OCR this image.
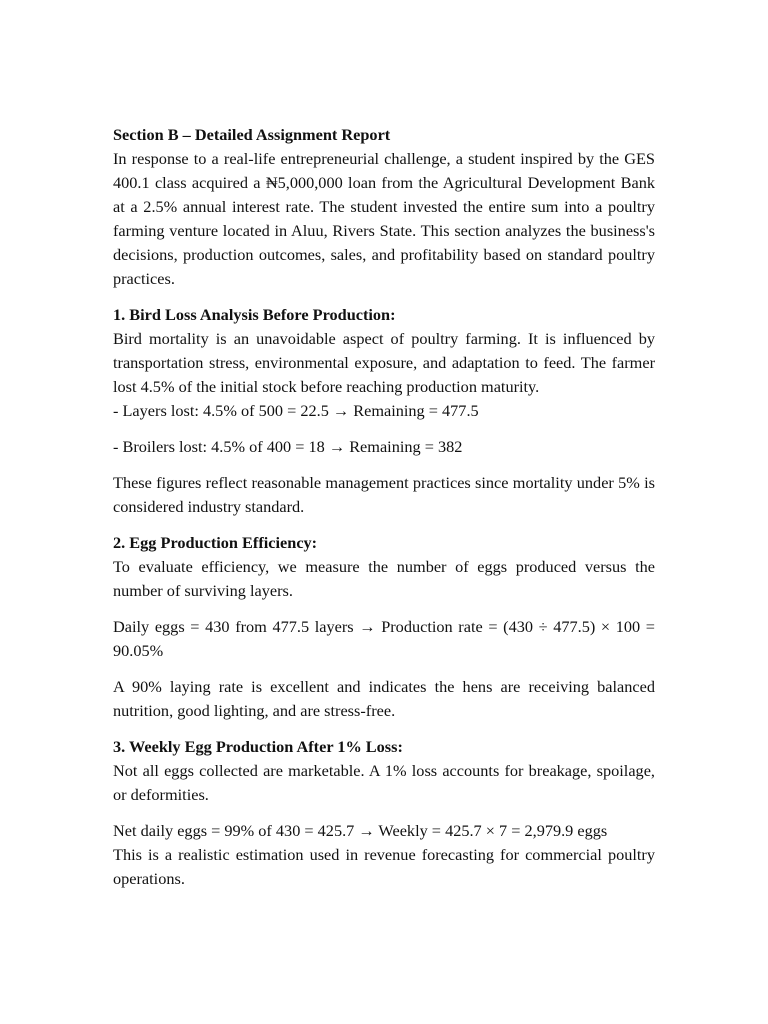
Section B – Detailed Assignment Report

In response to a real-life entrepreneurial challenge, a student inspired by the GES 400.1 class acquired a ₦5,000,000 loan from the Agricultural Development Bank at a 2.5% annual interest rate. The student invested the entire sum into a poultry farming venture located in Aluu, Rivers State. This section analyzes the business's decisions, production outcomes, sales, and profitability based on standard poultry practices.

1. Bird Loss Analysis Before Production:

Bird mortality is an unavoidable aspect of poultry farming. It is influenced by transportation stress, environmental exposure, and adaptation to feed. The farmer lost 4.5% of the initial stock before reaching production maturity.

- Layers lost: 4.5% of 500 = 22.5 → Remaining = 477.5

- Broilers lost: 4.5% of 400 = 18 → Remaining = 382

These figures reflect reasonable management practices since mortality under 5% is considered industry standard.

2. Egg Production Efficiency:

To evaluate efficiency, we measure the number of eggs produced versus the number of surviving layers.

Daily eggs = 430 from 477.5 layers → Production rate = (430 ÷ 477.5) × 100 = 90.05%

A 90% laying rate is excellent and indicates the hens are receiving balanced nutrition, good lighting, and are stress-free.

3. Weekly Egg Production After 1% Loss:

Not all eggs collected are marketable. A 1% loss accounts for breakage, spoilage, or deformities.

Net daily eggs = 99% of 430 = 425.7 → Weekly = 425.7 × 7 = 2,979.9 eggs

This is a realistic estimation used in revenue forecasting for commercial poultry operations.
